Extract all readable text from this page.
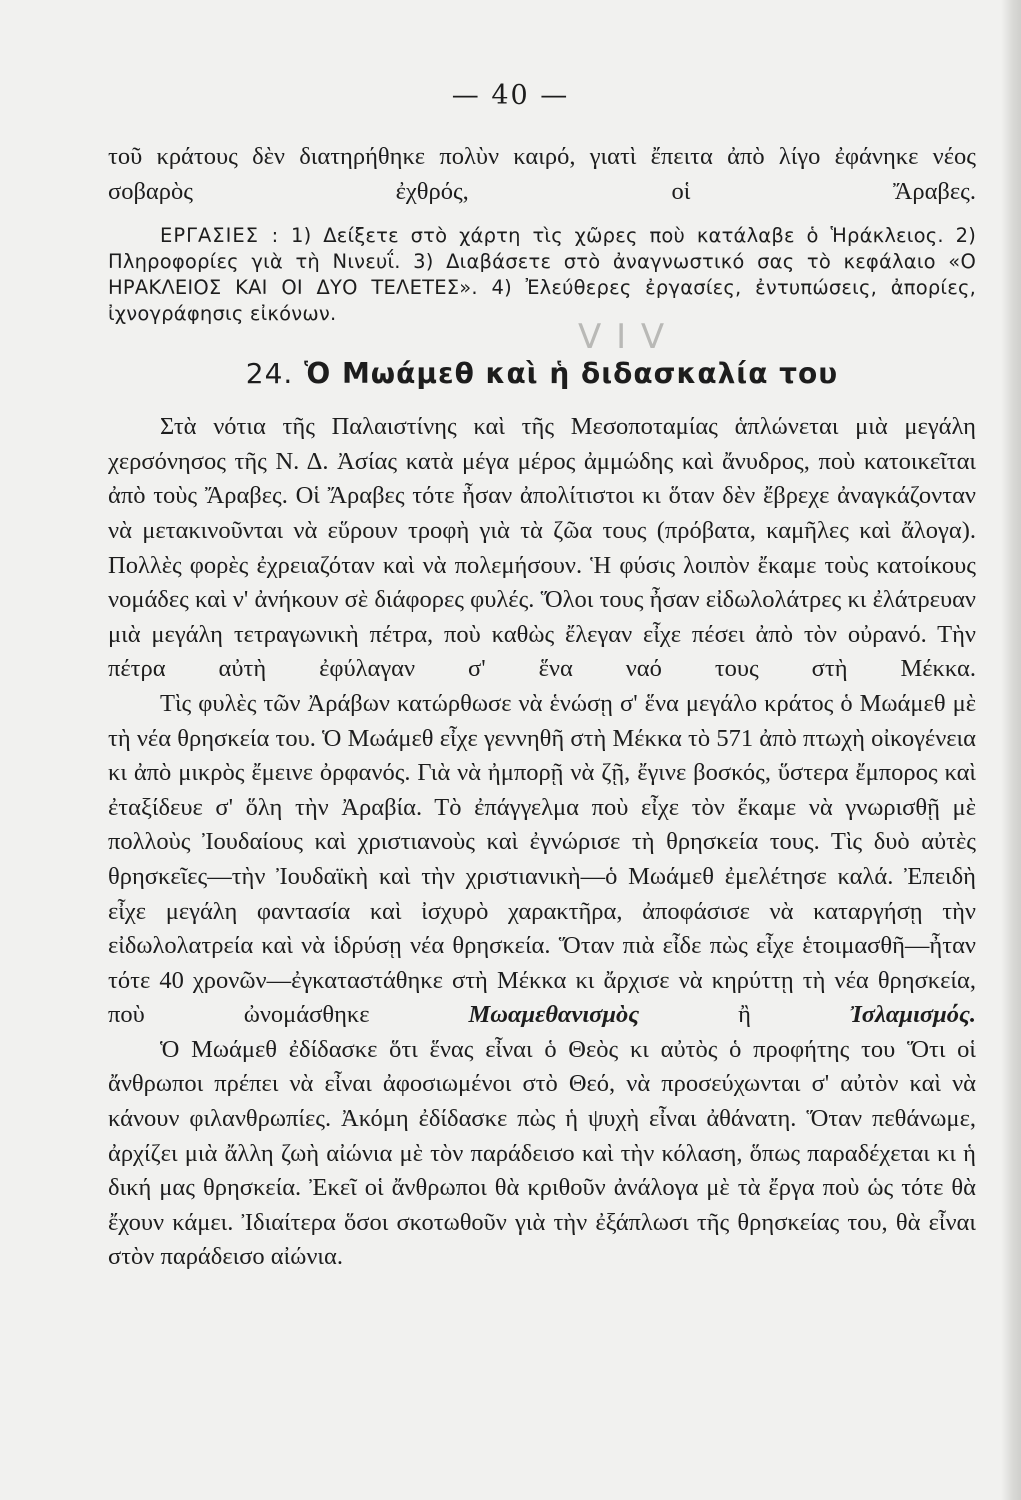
— 40 —

τοῦ κράτους δὲν διατηρήθηκε πολὺν καιρό, γιατὶ ἔπειτα ἀπὸ λίγο ἐφάνηκε νέος σοβαρὸς ἐχθρός, οἱ Ἄραβες.

ΕΡΓΑΣΙΕΣ : 1) Δείξετε στὸ χάρτη τὶς χῶρες ποὺ κατάλαβε ὁ Ἡράκλειος. 2) Πληροφορίες γιὰ τὴ Νινευΐ. 3) Διαβάσετε στὸ ἀναγνωστικό σας τὸ κεφάλαιο «Ο ΗΡΑΚΛΕΙΟΣ ΚΑΙ ΟΙ ΔΥΟ ΤΕΛΕΤΕΣ». 4) Ἐλεύθερες ἐργασίες, ἐντυπώσεις, ἀπορίες, ἰχνογράφησις εἰκόνων.

V I V
24. Ὁ Μωάμεθ καὶ ἡ διδασκαλία του

Στὰ νότια τῆς Παλαιστίνης καὶ τῆς Μεσοποταμίας ἁπλώνεται μιὰ μεγάλη χερσόνησος τῆς Ν. Δ. Ἀσίας κατὰ μέγα μέρος ἀμμώδης καὶ ἄνυδρος, ποὺ κατοικεῖται ἀπὸ τοὺς Ἄραβες. Οἱ Ἄραβες τότε ἦσαν ἀπολίτιστοι κι ὅταν δὲν ἔβρεχε ἀναγκάζονταν νὰ μετακινοῦνται νὰ εὕρουν τροφὴ γιὰ τὰ ζῶα τους (πρόβατα, καμῆλες καὶ ἄλογα). Πολλὲς φορὲς ἐχρειαζόταν καὶ νὰ πολεμήσουν. Ἡ φύσις λοιπὸν ἔκαμε τοὺς κατοίκους νομάδες καὶ ν' ἀνήκουν σὲ διάφορες φυλές. Ὅλοι τους ἦσαν εἰδωλολάτρες κι ἐλάτρευαν μιὰ μεγάλη τετραγωνικὴ πέτρα, ποὺ καθὼς ἔλεγαν εἶχε πέσει ἀπὸ τὸν οὐρανό. Τὴν πέτρα αὐτὴ ἐφύλαγαν σ' ἕνα ναό τους στὴ Μέκκα.

Τὶς φυλὲς τῶν Ἀράβων κατώρθωσε νὰ ἑνώσῃ σ' ἕνα μεγάλο κράτος ὁ Μωάμεθ μὲ τὴ νέα θρησκεία του. Ὁ Μωάμεθ εἶχε γεννηθῆ στὴ Μέκκα τὸ 571 ἀπὸ πτωχὴ οἰκογένεια κι ἀπὸ μικρὸς ἔμεινε ὀρφανός. Γιὰ νὰ ἠμπορῇ νὰ ζῇ, ἔγινε βοσκός, ὕστερα ἔμπορος καὶ ἐταξίδευε σ' ὅλη τὴν Ἀραβία. Τὸ ἐπάγγελμα ποὺ εἶχε τὸν ἔκαμε νὰ γνωρισθῇ μὲ πολλοὺς Ἰουδαίους καὶ χριστιανοὺς καὶ ἐγνώρισε τὴ θρησκεία τους. Τὶς δυὸ αὐτὲς θρησκεῖες—τὴν Ἰουδαϊκὴ καὶ τὴν χριστιανικὴ—ὁ Μωάμεθ ἐμελέτησε καλά. Ἐπειδὴ εἶχε μεγάλη φαντασία καὶ ἰσχυρὸ χαρακτῆρα, ἀποφάσισε νὰ καταργήσῃ τὴν εἰδωλολατρεία καὶ νὰ ἱδρύσῃ νέα θρησκεία. Ὅταν πιὰ εἶδε πὼς εἶχε ἑτοιμασθῆ—ἦταν τότε 40 χρονῶν—ἐγκαταστάθηκε στὴ Μέκκα κι ἄρχισε νὰ κηρύττῃ τὴ νέα θρησκεία, ποὺ ὠνομάσθηκε Μωαμεθανισμὸς ἢ Ἰσλαμισμός.

Ὁ Μωάμεθ ἐδίδασκε ὅτι ἕνας εἶναι ὁ Θεὸς κι αὐτὸς ὁ προφήτης του Ὅτι οἱ ἄνθρωποι πρέπει νὰ εἶναι ἀφοσιωμένοι στὸ Θεό, νὰ προσεύχωνται σ' αὐτὸν καὶ νὰ κάνουν φιλανθρωπίες. Ἀκόμη ἐδίδασκε πὼς ἡ ψυχὴ εἶναι ἀθάνατη. Ὅταν πεθάνωμε, ἀρχίζει μιὰ ἄλλη ζωὴ αἰώνια μὲ τὸν παράδεισο καὶ τὴν κόλαση, ὅπως παραδέχεται κι ἡ δική μας θρησκεία. Ἐκεῖ οἱ ἄνθρωποι θὰ κριθοῦν ἀνάλογα μὲ τὰ ἔργα ποὺ ὡς τότε θὰ ἔχουν κάμει. Ἰδιαίτερα ὅσοι σκοτωθοῦν γιὰ τὴν ἐξάπλωσι τῆς θρησκείας του, θὰ εἶναι στὸν παράδεισο αἰώνια.
